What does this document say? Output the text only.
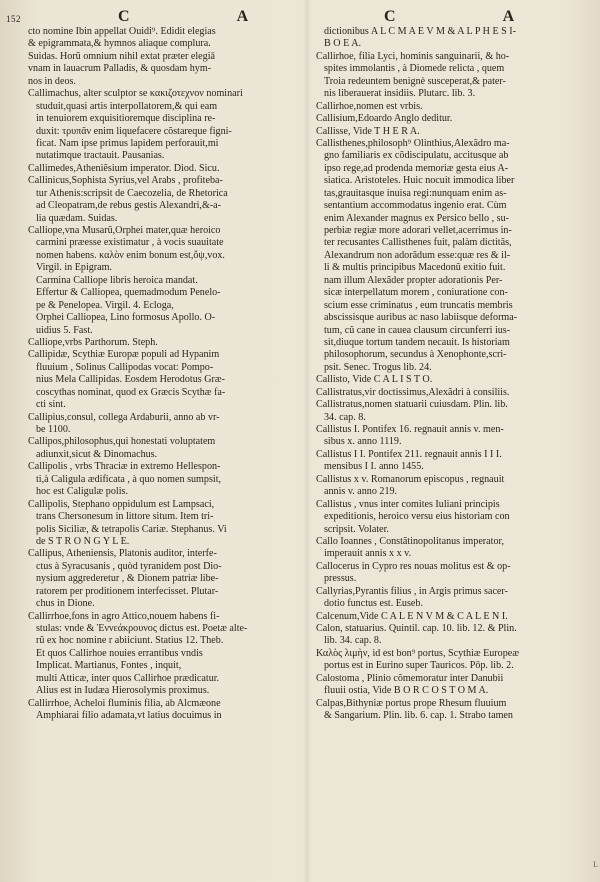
152	C A	C A
cto nomine Ibin appellat Ouidi⁹. Edidit elegias
& epigrammata,& hymnos aliaque complura.
Suidas. Horũ omnium nihil extat præter elegiā
vnam in lauacrum Palladis, & quosdam hym-
nos in deos.
Callimachus, alter sculptor se κακιζοτεχνον nominari
studuit,quasi artis interpollatorem,& qui eam
in tenuiorem exquisitioremque disciplina re-
duxit: τρυπᾶν enim liquefacere cõstareque figni-
ficat. Nam ipse primus lapidem perforauit,mi
nutatimque tractauit. Pausanias.
Callimedes,Atheniẽsium imperator. Diod. Sicu.
Callinicus,Sophista Syrius,vel Arabs , profiteba-
tur Athenis:scripsit de Caecozelia, de Rhetorica
ad Cleopatram,de rebus gestis Alexandri,&-a-
lia quædam. Suidas.
Calliope,vna Musarũ,Orphei mater,quæ heroico
carmini præesse existimatur , à vocis suauitate
nomen habens. καλὸν enim bonum est,ὄψ,vox.
Virgil. in Epigram.
Carmina Calliope libris heroica mandat.
Effertur & Calliopea, quemadmodum Penelo-
pe & Penelopea. Virgil. 4. Ecloga,
Orphei Calliopea, Lino formosus Apollo. O-
uidius 5. Fast.
Calliope,vrbs Parthorum. Steph.
Callipidæ, Scythiæ Europæ populi ad Hypanim
fluuium , Solinus Callipodas vocat: Pompo-
nius Mela Callipidas. Eosdem Herodotus Græ-
coscythas nominat, quod ex Græcis Scythæ fa-
cti sint.
Callipius,consul, collega Ardaburii, anno ab vr-
be 1100.
Callipos,philosophus,qui honestati voluptatem
adiunxit,sicut & Dinomachus.
Callipolis , vrbs Thraciæ in extremo Hellespon-
ti,à Caligula ædificata , à quo nomen sumpsit,
hoc est Caligulæ polis.
Callipolis, Stephano oppidulum est Lampsaci,
trans Chersonesum in littore situm. Item tri-
polis Siciliæ, & tetrapolis Cariæ. Stephanus. Vi
de S T R O N G Y L E.
Callipus, Atheniensis, Platonis auditor, interfe-
ctus à Syracusanis , quòd tyranidem post Dio-
nysium aggrederetur , & Dionem patriæ libe-
ratorem per proditionem interfecisset. Plutar-
chus in Dione.
Callirrhoe,fons in agro Attico,nouem habens fi-
stulas: vnde & Ἐννεάκρουνος dictus est. Poetæ alte-
rũ ex hoc nomine r abiiciunt. Statius 12. Theb.
Et quos Callirhoe nouies errantibus vndis
Implicat. Martianus, Fontes , inquit,
multi Atticæ, inter quos Callirhoe prædicatur.
Alius est in Iudæa Hierosolymis proximus.
Callirrhoe, Acheloi fluminis filia, ab Alcmæone
Amphiarai filio adamata,vt latius docuimus in
dictionibus A L C M A E V M & A L P H E S I-
B O E A.
Callirhoe, filia Lyci, hominis sanguinarii, & ho-
spites immolantis , à Diomede relicta , quem
Troia redeuntem benignè susceperat,& pater-
nis liberauerat insidiis. Plutarc. lib. 3.
Callirhoe,nomen est vrbis.
Callisium,Edoardo Anglo deditur.
Callisse, Vide T H E R A.
Callisthenes,philosoph⁹ Olinthius,Alexãdro ma-
gno familiaris ex cõdiscipulatu, accitusque ab
ipso rege,ad prodenda memoriæ gesta eius A-
siatica. Aristoteles. Huic nocuit immodica liber
tas,grauitasque inuisa regi:nunquam enim as-
sentantium accommodatus ingenio erat. Cùm
enim Alexander magnus ex Persico bello , su-
perbiæ regiæ more adorari vellet,acerrimus in-
ter recusantes Callisthenes fuit, palàm dictitãs,
Alexandrum non adorãdum esse:quæ res & il-
li & multis principibus Macedonũ exitio fuit.
nam illum Alexãder propter adorationis Per-
sicæ interpellatum morem , coniuratione con-
scium esse criminatus , eum truncatis membris
abscissisque auribus ac naso labiisque deforma-
tum, cũ cane in cauea clausum circunferri ius-
sit,diuque tortum tandem necauit. Is historiam
philosophorum, secundus à Xenophonte,scri-
psit. Senec. Trogus lib. 24.
Callisto, Vide C A L I S T O.
Callistratus,vir doctissimus,Alexãdri à consiliis.
Callistratus,nomen statuarii cuiusdam. Plin. lib.
34. cap. 8.
Callistus I. Pontifex 16. regnauit annis v. men-
sibus x. anno 1119.
Callistus I I. Pontifex 211. regnauit annis I I I.
mensibus I I. anno 1455.
Callistus x v. Romanorum episcopus , regnauit
annis v. anno 219.
Callistus , vnus inter comites Iuliani principis
expeditionis, heroico versu eius historiam con
scripsit. Volater.
Callo Ioannes , Constãtinopolitanus imperator,
imperauit annis x x v.
Callocerus in Cypro res nouas molitus est & op-
pressus.
Callyrias,Pyrantis filius , in Argis primus sacer-
dotio functus est. Eusеb.
Calcenum,Vide C A L E N V M & C A L E N I.
Calon, statuarius. Quintil. cap. 10. lib. 12. & Plin.
lib. 34. cap. 8.
Καλὸς λιμὴν, id est bon⁹ portus, Scythiæ Europeæ
portus est in Eurino super Tauricos. Pōp. lib. 2.
Calostoma , Plinio cõmemoratur inter Danubii
fluuii ostia, Vide B O R C O S T O M A.
Calpas,Bithyniæ portus prope Rhesum fluuium
& Sangarium. Plin. lib. 6. cap. 1. Strabo tamen
L
